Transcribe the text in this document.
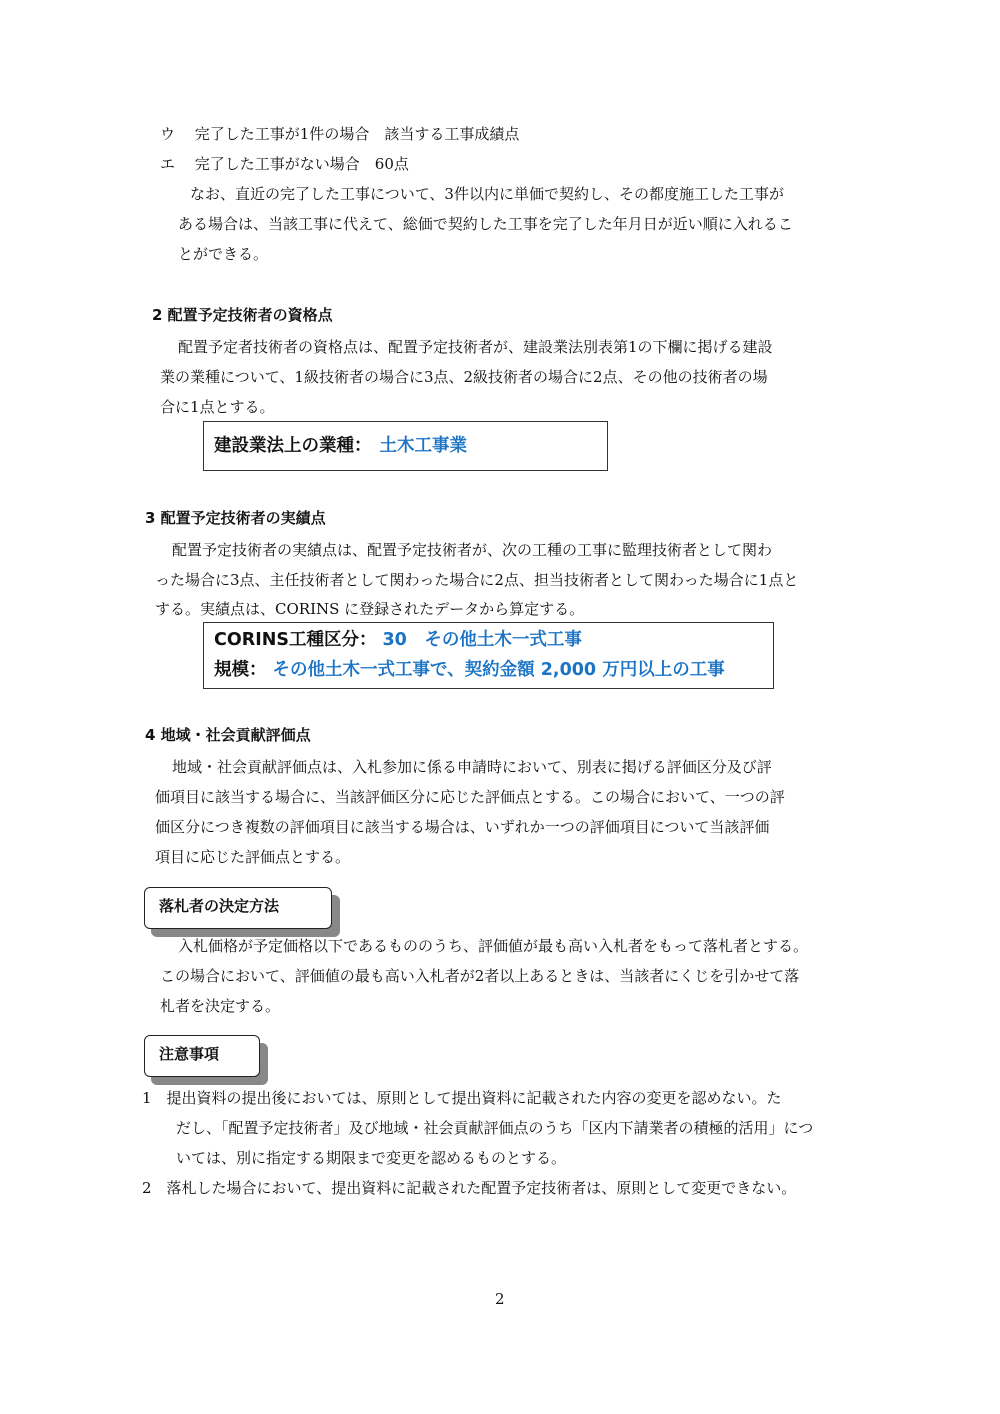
ウ　 完了した工事が1件の場合　該当する工事成績点
エ　 完了した工事がない場合　60点
なお、直近の完了した工事について、3件以内に単価で契約し、その都度施工した工事が
ある場合は、当該工事に代えて、総価で契約した工事を完了した年月日が近い順に入れるこ
とができる。
2 配置予定技術者の資格点
配置予定者技術者の資格点は、配置予定技術者が、建設業法別表第1の下欄に掲げる建設
業の業種について、1級技術者の場合に3点、2級技術者の場合に2点、その他の技術者の場
合に1点とする。
建設業法上の業種： 土木工事業
3 配置予定技術者の実績点
配置予定技術者の実績点は、配置予定技術者が、次の工種の工事に監理技術者として関わ
った場合に3点、主任技術者として関わった場合に2点、担当技術者として関わった場合に1点と
する。実績点は、CORINS に登録されたデータから算定する。
CORINS工種区分： 30　その他土木一式工事
規模： その他土木一式工事で、契約金額 2,000 万円以上の工事
4 地域・社会貢献評価点
地域・社会貢献評価点は、入札参加に係る申請時において、別表に掲げる評価区分及び評
価項目に該当する場合に、当該評価区分に応じた評価点とする。この場合において、一つの評
価区分につき複数の評価項目に該当する場合は、いずれか一つの評価項目について当該評価
項目に応じた評価点とする。
落札者の決定方法
入札価格が予定価格以下であるもののうち、評価値が最も高い入札者をもって落札者とする。
この場合において、評価値の最も高い入札者が2者以上あるときは、当該者にくじを引かせて落
札者を決定する。
注意事項
1　提出資料の提出後においては、原則として提出資料に記載された内容の変更を認めない。た
だし、「配置予定技術者」及び地域・社会貢献評価点のうち「区内下請業者の積極的活用」につ
いては、別に指定する期限まで変更を認めるものとする。
2　落札した場合において、提出資料に記載された配置予定技術者は、原則として変更できない。
2
